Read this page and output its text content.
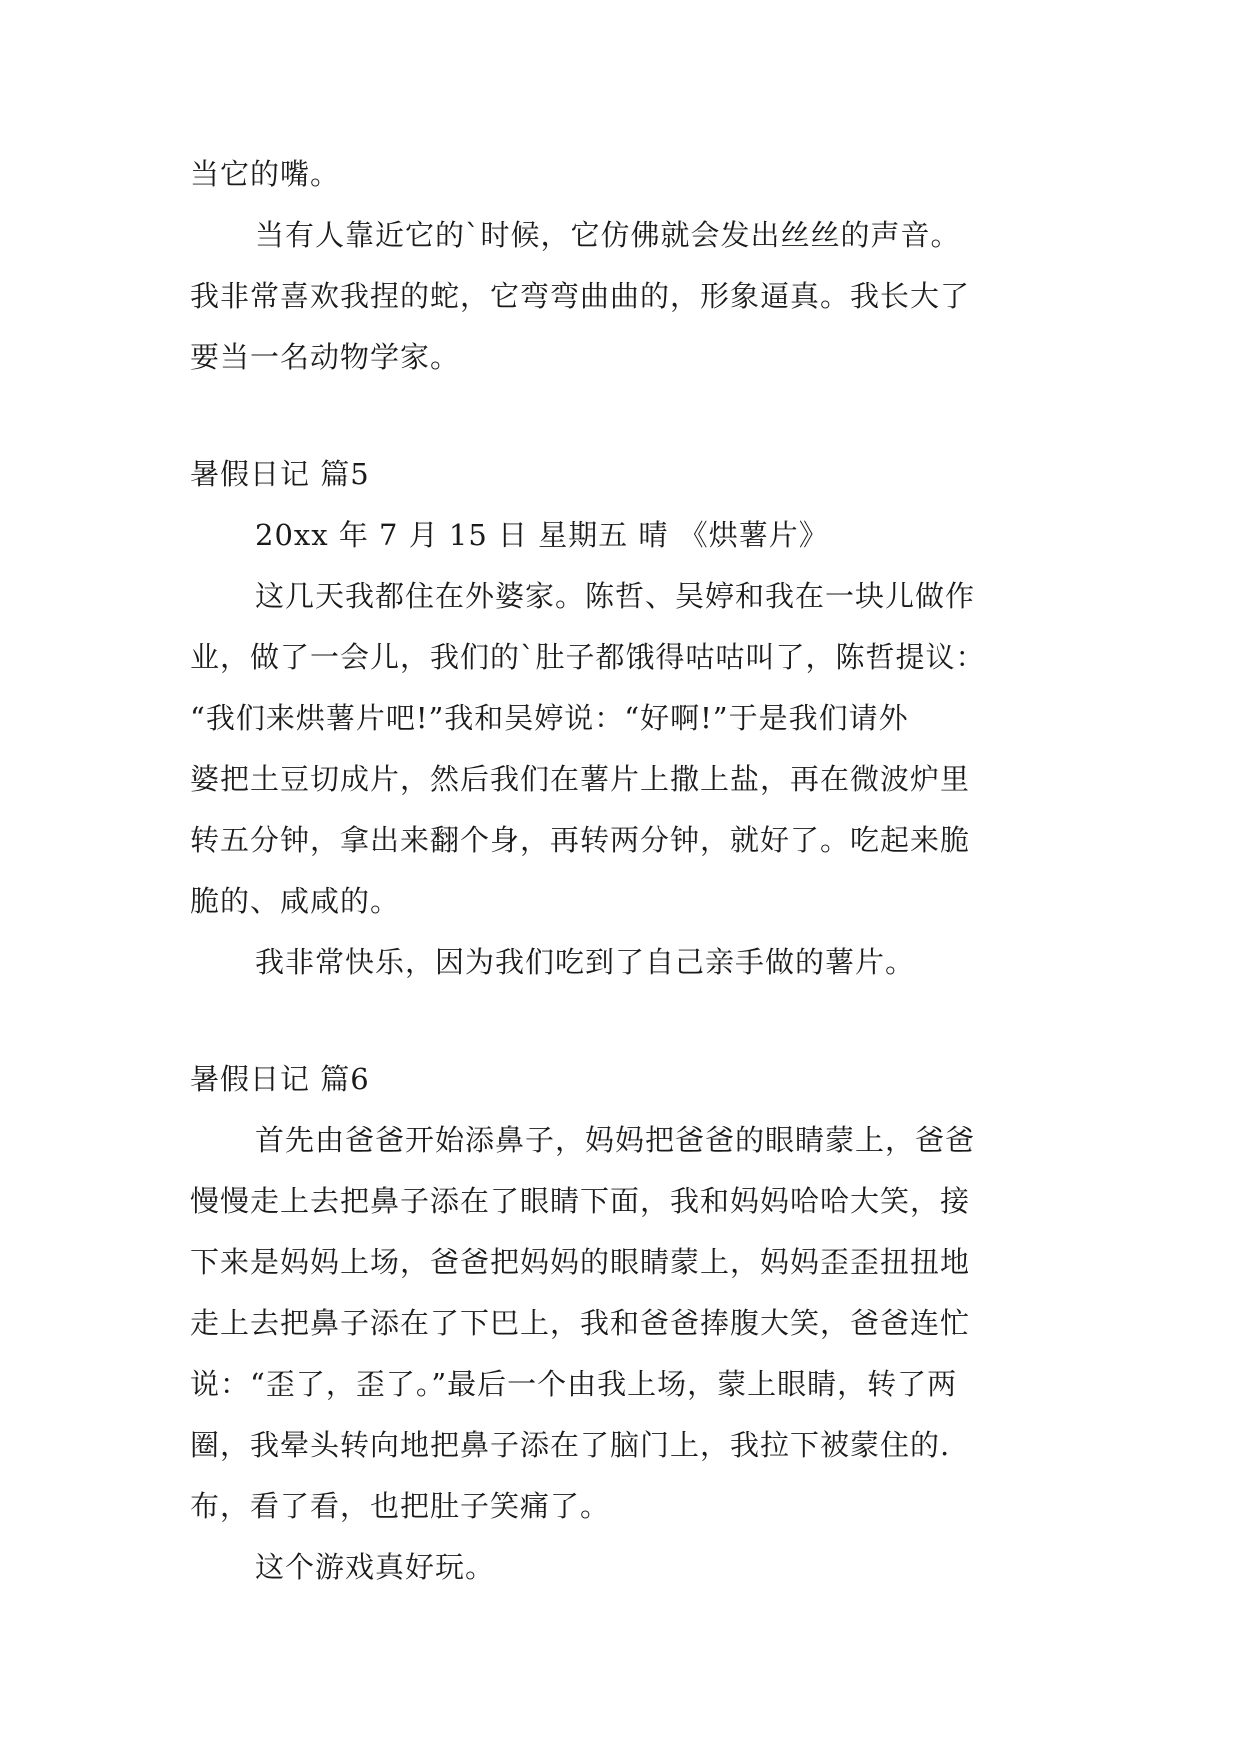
当它的嘴。
当有人靠近它的`时候，它仿佛就会发出丝丝的声音。
我非常喜欢我捏的蛇，它弯弯曲曲的，形象逼真。我长大了
要当一名动物学家。
暑假日记 篇5
20xx 年 7 月 15 日 星期五 晴 《烘薯片》
这几天我都住在外婆家。陈哲、吴婷和我在一块儿做作
业，做了一会儿，我们的`肚子都饿得咕咕叫了，陈哲提议：
“我们来烘薯片吧!”我和吴婷说：“好啊!”于是我们请外
婆把土豆切成片，然后我们在薯片上撒上盐，再在微波炉里
转五分钟，拿出来翻个身，再转两分钟，就好了。吃起来脆
脆的、咸咸的。
我非常快乐，因为我们吃到了自己亲手做的薯片。
暑假日记 篇6
首先由爸爸开始添鼻子，妈妈把爸爸的眼睛蒙上，爸爸
慢慢走上去把鼻子添在了眼睛下面，我和妈妈哈哈大笑，接
下来是妈妈上场，爸爸把妈妈的眼睛蒙上，妈妈歪歪扭扭地
走上去把鼻子添在了下巴上，我和爸爸捧腹大笑，爸爸连忙
说：“歪了，歪了。”最后一个由我上场，蒙上眼睛，转了两
圈，我晕头转向地把鼻子添在了脑门上，我拉下被蒙住的.
布，看了看，也把肚子笑痛了。
这个游戏真好玩。
